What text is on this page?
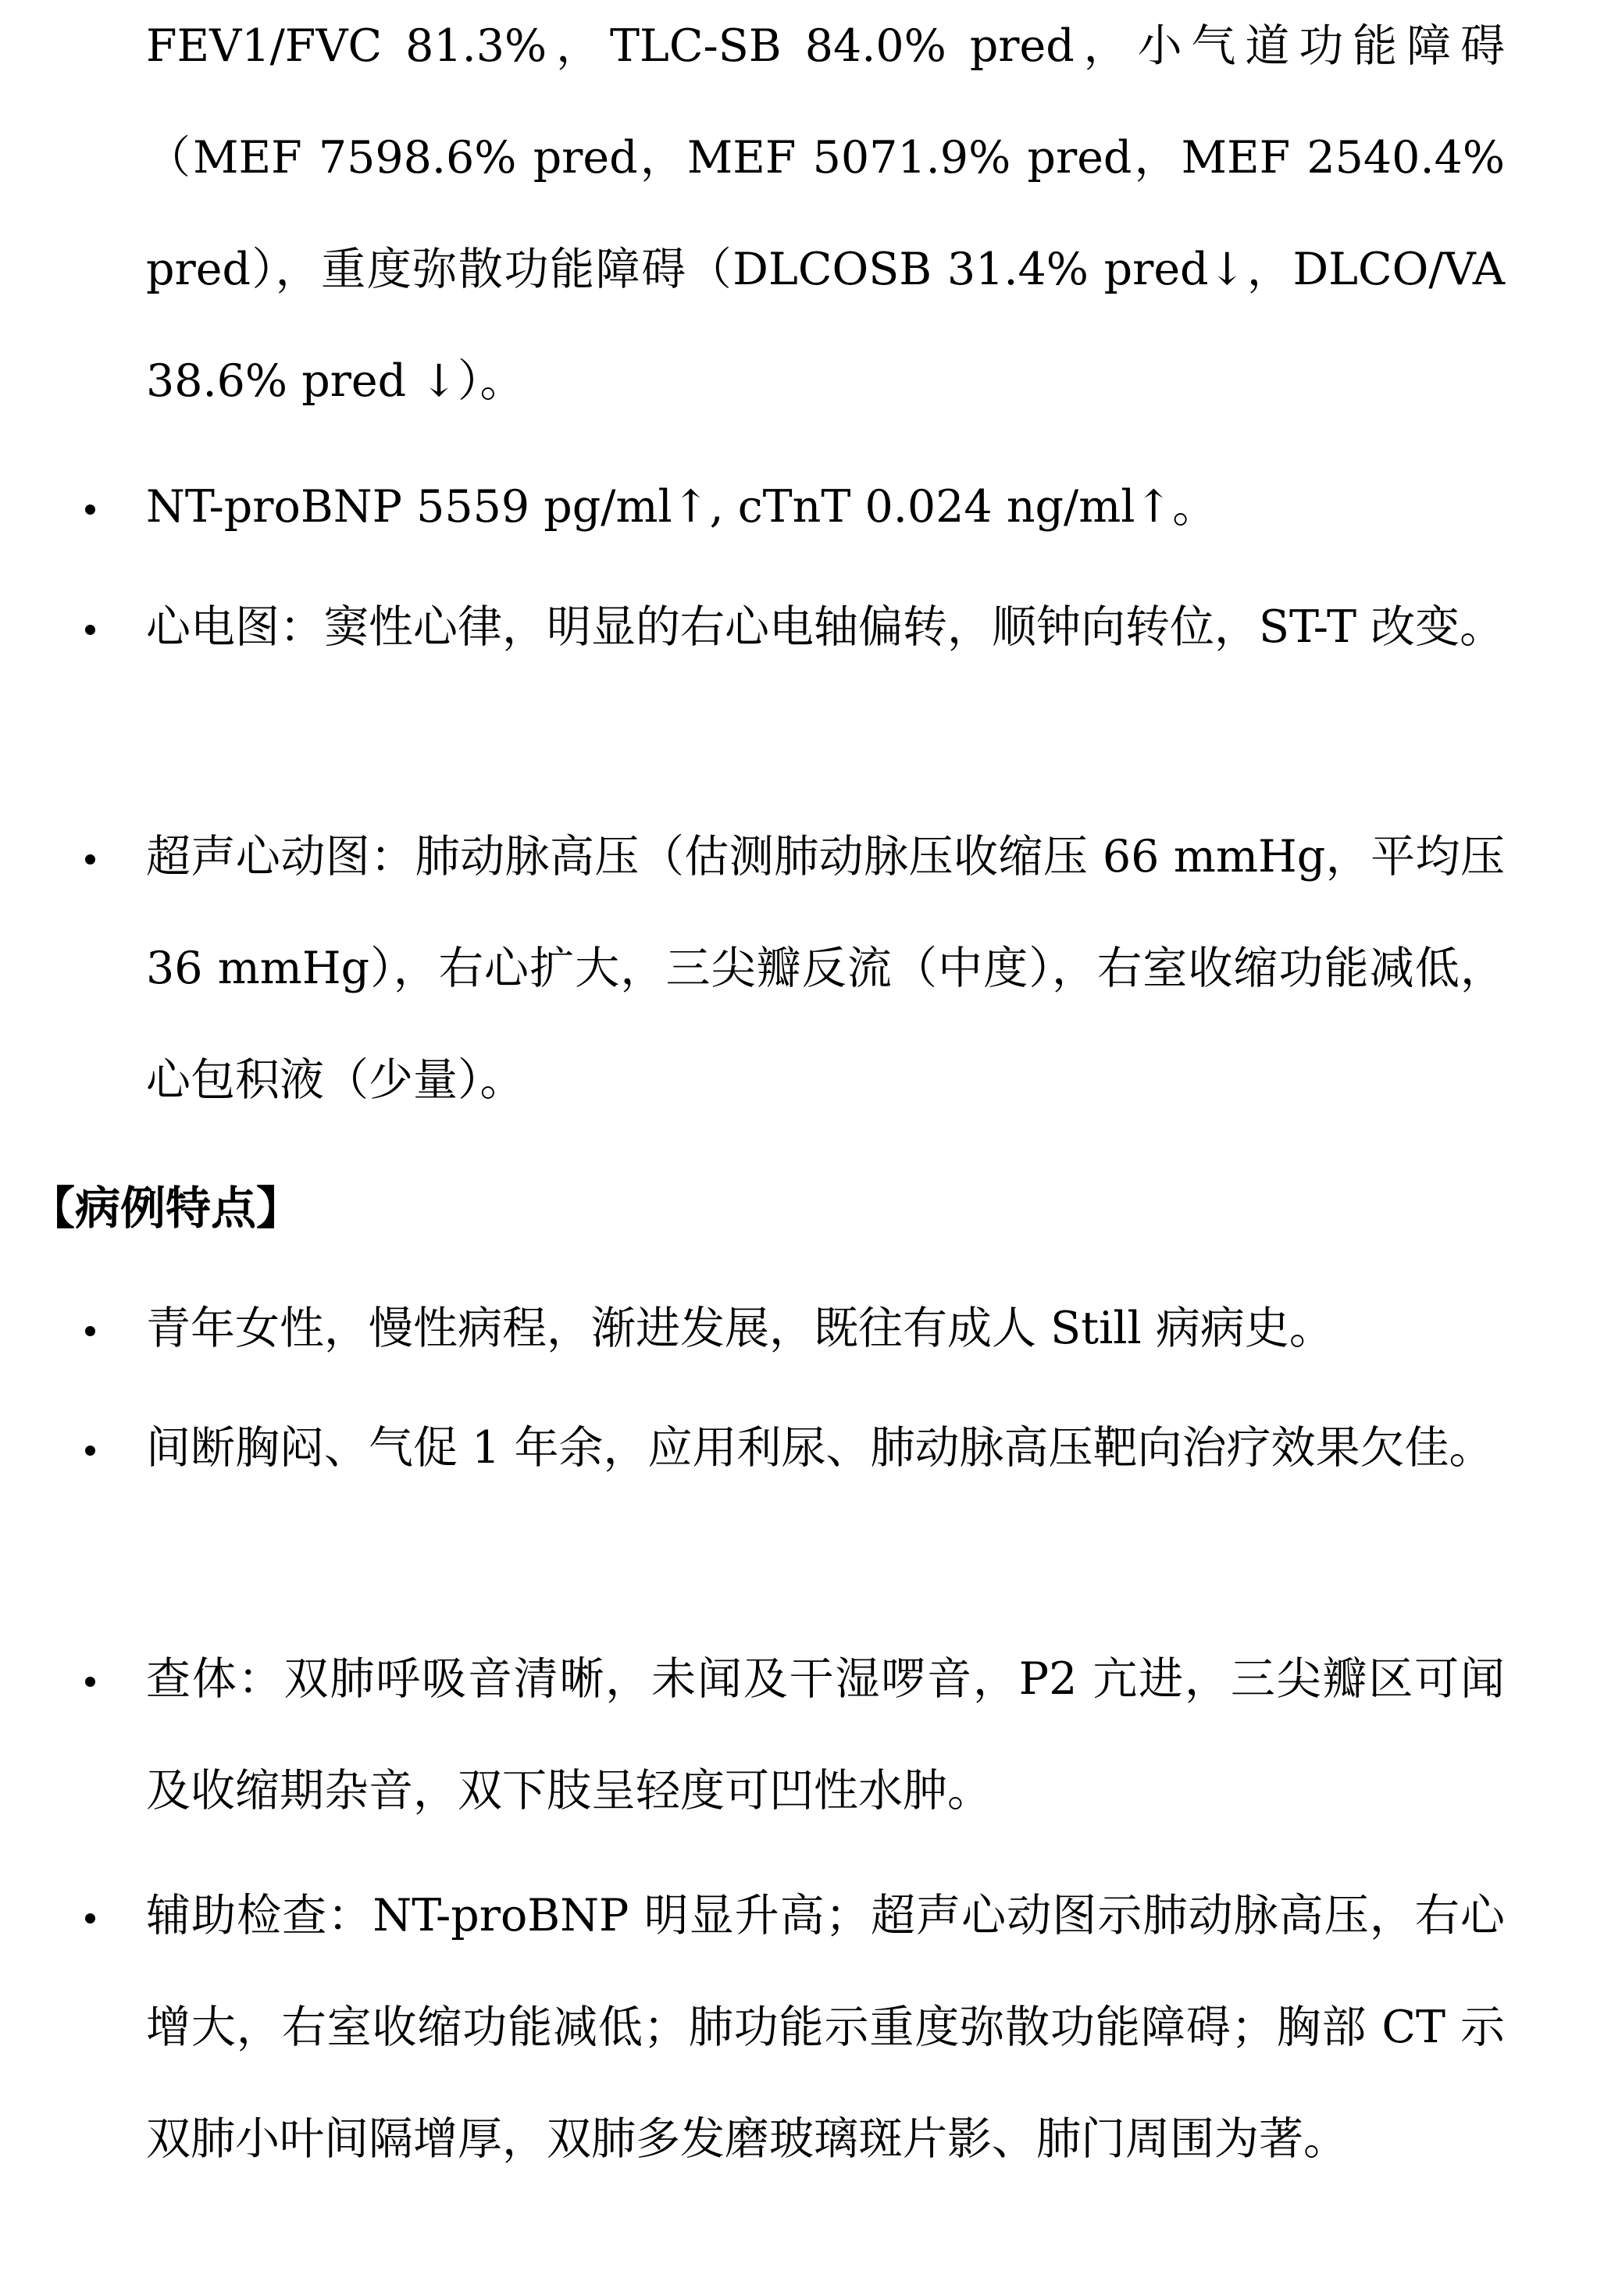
FEV1/FVC 81.3%，TLC-SB 84.0% pred，小气道功能障碍（MEF 7598.6% pred，MEF 5071.9% pred，MEF 2540.4% pred），重度弥散功能障碍（DLCOSB 31.4% pred↓，DLCO/VA 38.6% pred ↓）。
NT-proBNP 5559 pg/ml↑, cTnT 0.024 ng/ml↑。
心电图：窦性心律，明显的右心电轴偏转，顺钟向转位，ST-T 改变。
超声心动图：肺动脉高压（估测肺动脉压收缩压 66 mmHg，平均压 36 mmHg），右心扩大，三尖瓣反流（中度），右室收缩功能减低，心包积液（少量）。
【病例特点】
青年女性，慢性病程，渐进发展，既往有成人 Still 病病史。
间断胸闷、气促 1 年余，应用利尿、肺动脉高压靶向治疗效果欠佳。
查体：双肺呼吸音清晰，未闻及干湿啰音，P2 亢进，三尖瓣区可闻及收缩期杂音，双下肢呈轻度可凹性水肿。
辅助检查：NT-proBNP 明显升高；超声心动图示肺动脉高压，右心增大，右室收缩功能减低；肺功能示重度弥散功能障碍；胸部 CT 示双肺小叶间隔增厚，双肺多发磨玻璃斑片影、肺门周围为著。
